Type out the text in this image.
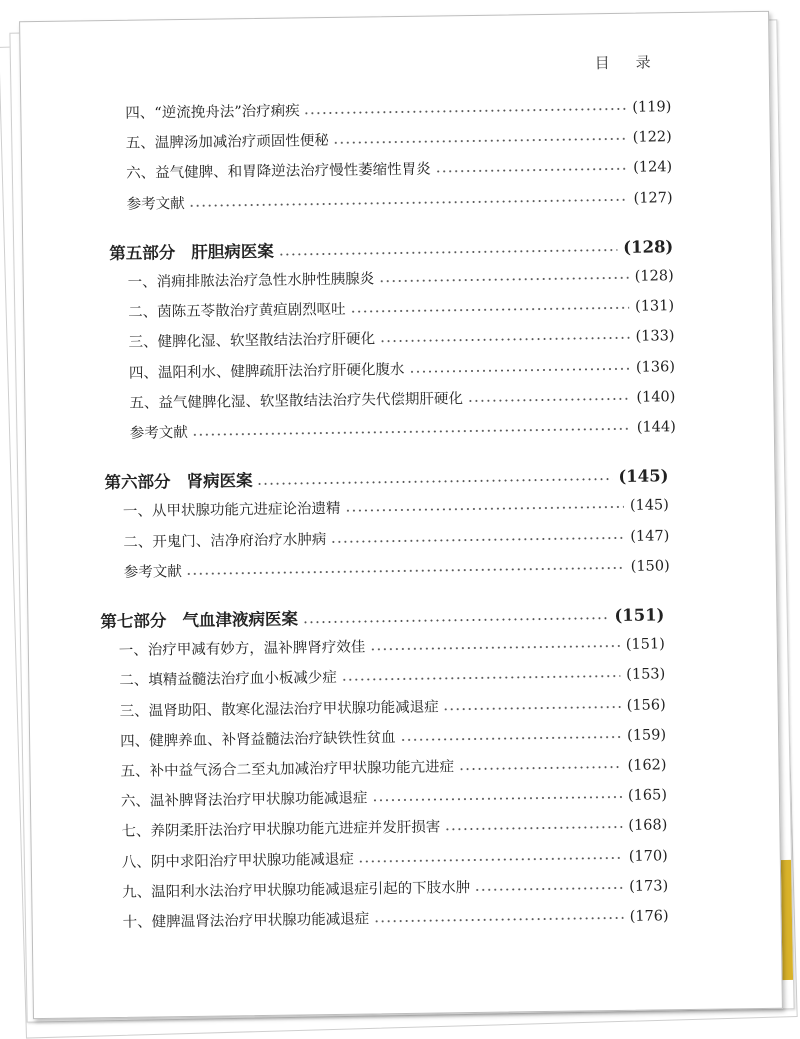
目录
四、“逆流挽舟法”治疗痢疾	(119)
五、温脾汤加减治疗顽固性便秘	(122)
六、益气健脾、和胃降逆法治疗慢性萎缩性胃炎	(124)
参考文献	(127)
第五部分 肝胆病医案	(128)
一、消痈排脓法治疗急性水肿性胰腺炎	(128)
二、茵陈五苓散治疗黄疸剧烈呕吐	(131)
三、健脾化湿、软坚散结法治疗肝硬化	(133)
四、温阳利水、健脾疏肝法治疗肝硬化腹水	(136)
五、益气健脾化湿、软坚散结法治疗失代偿期肝硬化	(140)
参考文献	(144)
第六部分 肾病医案	(145)
一、从甲状腺功能亢进症论治遗精	(145)
二、开鬼门、洁净府治疗水肿病	(147)
参考文献	(150)
第七部分 气血津液病医案	(151)
一、治疗甲减有妙方，温补脾肾疗效佳	(151)
二、填精益髓法治疗血小板减少症	(153)
三、温肾助阳、散寒化湿法治疗甲状腺功能减退症	(156)
四、健脾养血、补肾益髓法治疗缺铁性贫血	(159)
五、补中益气汤合二至丸加减治疗甲状腺功能亢进症	(162)
六、温补脾肾法治疗甲状腺功能减退症	(165)
七、养阴柔肝法治疗甲状腺功能亢进症并发肝损害	(168)
八、阴中求阳治疗甲状腺功能减退症	(170)
九、温阳利水法治疗甲状腺功能减退症引起的下肢水肿	(173)
十、健脾温肾法治疗甲状腺功能减退症	(176)
